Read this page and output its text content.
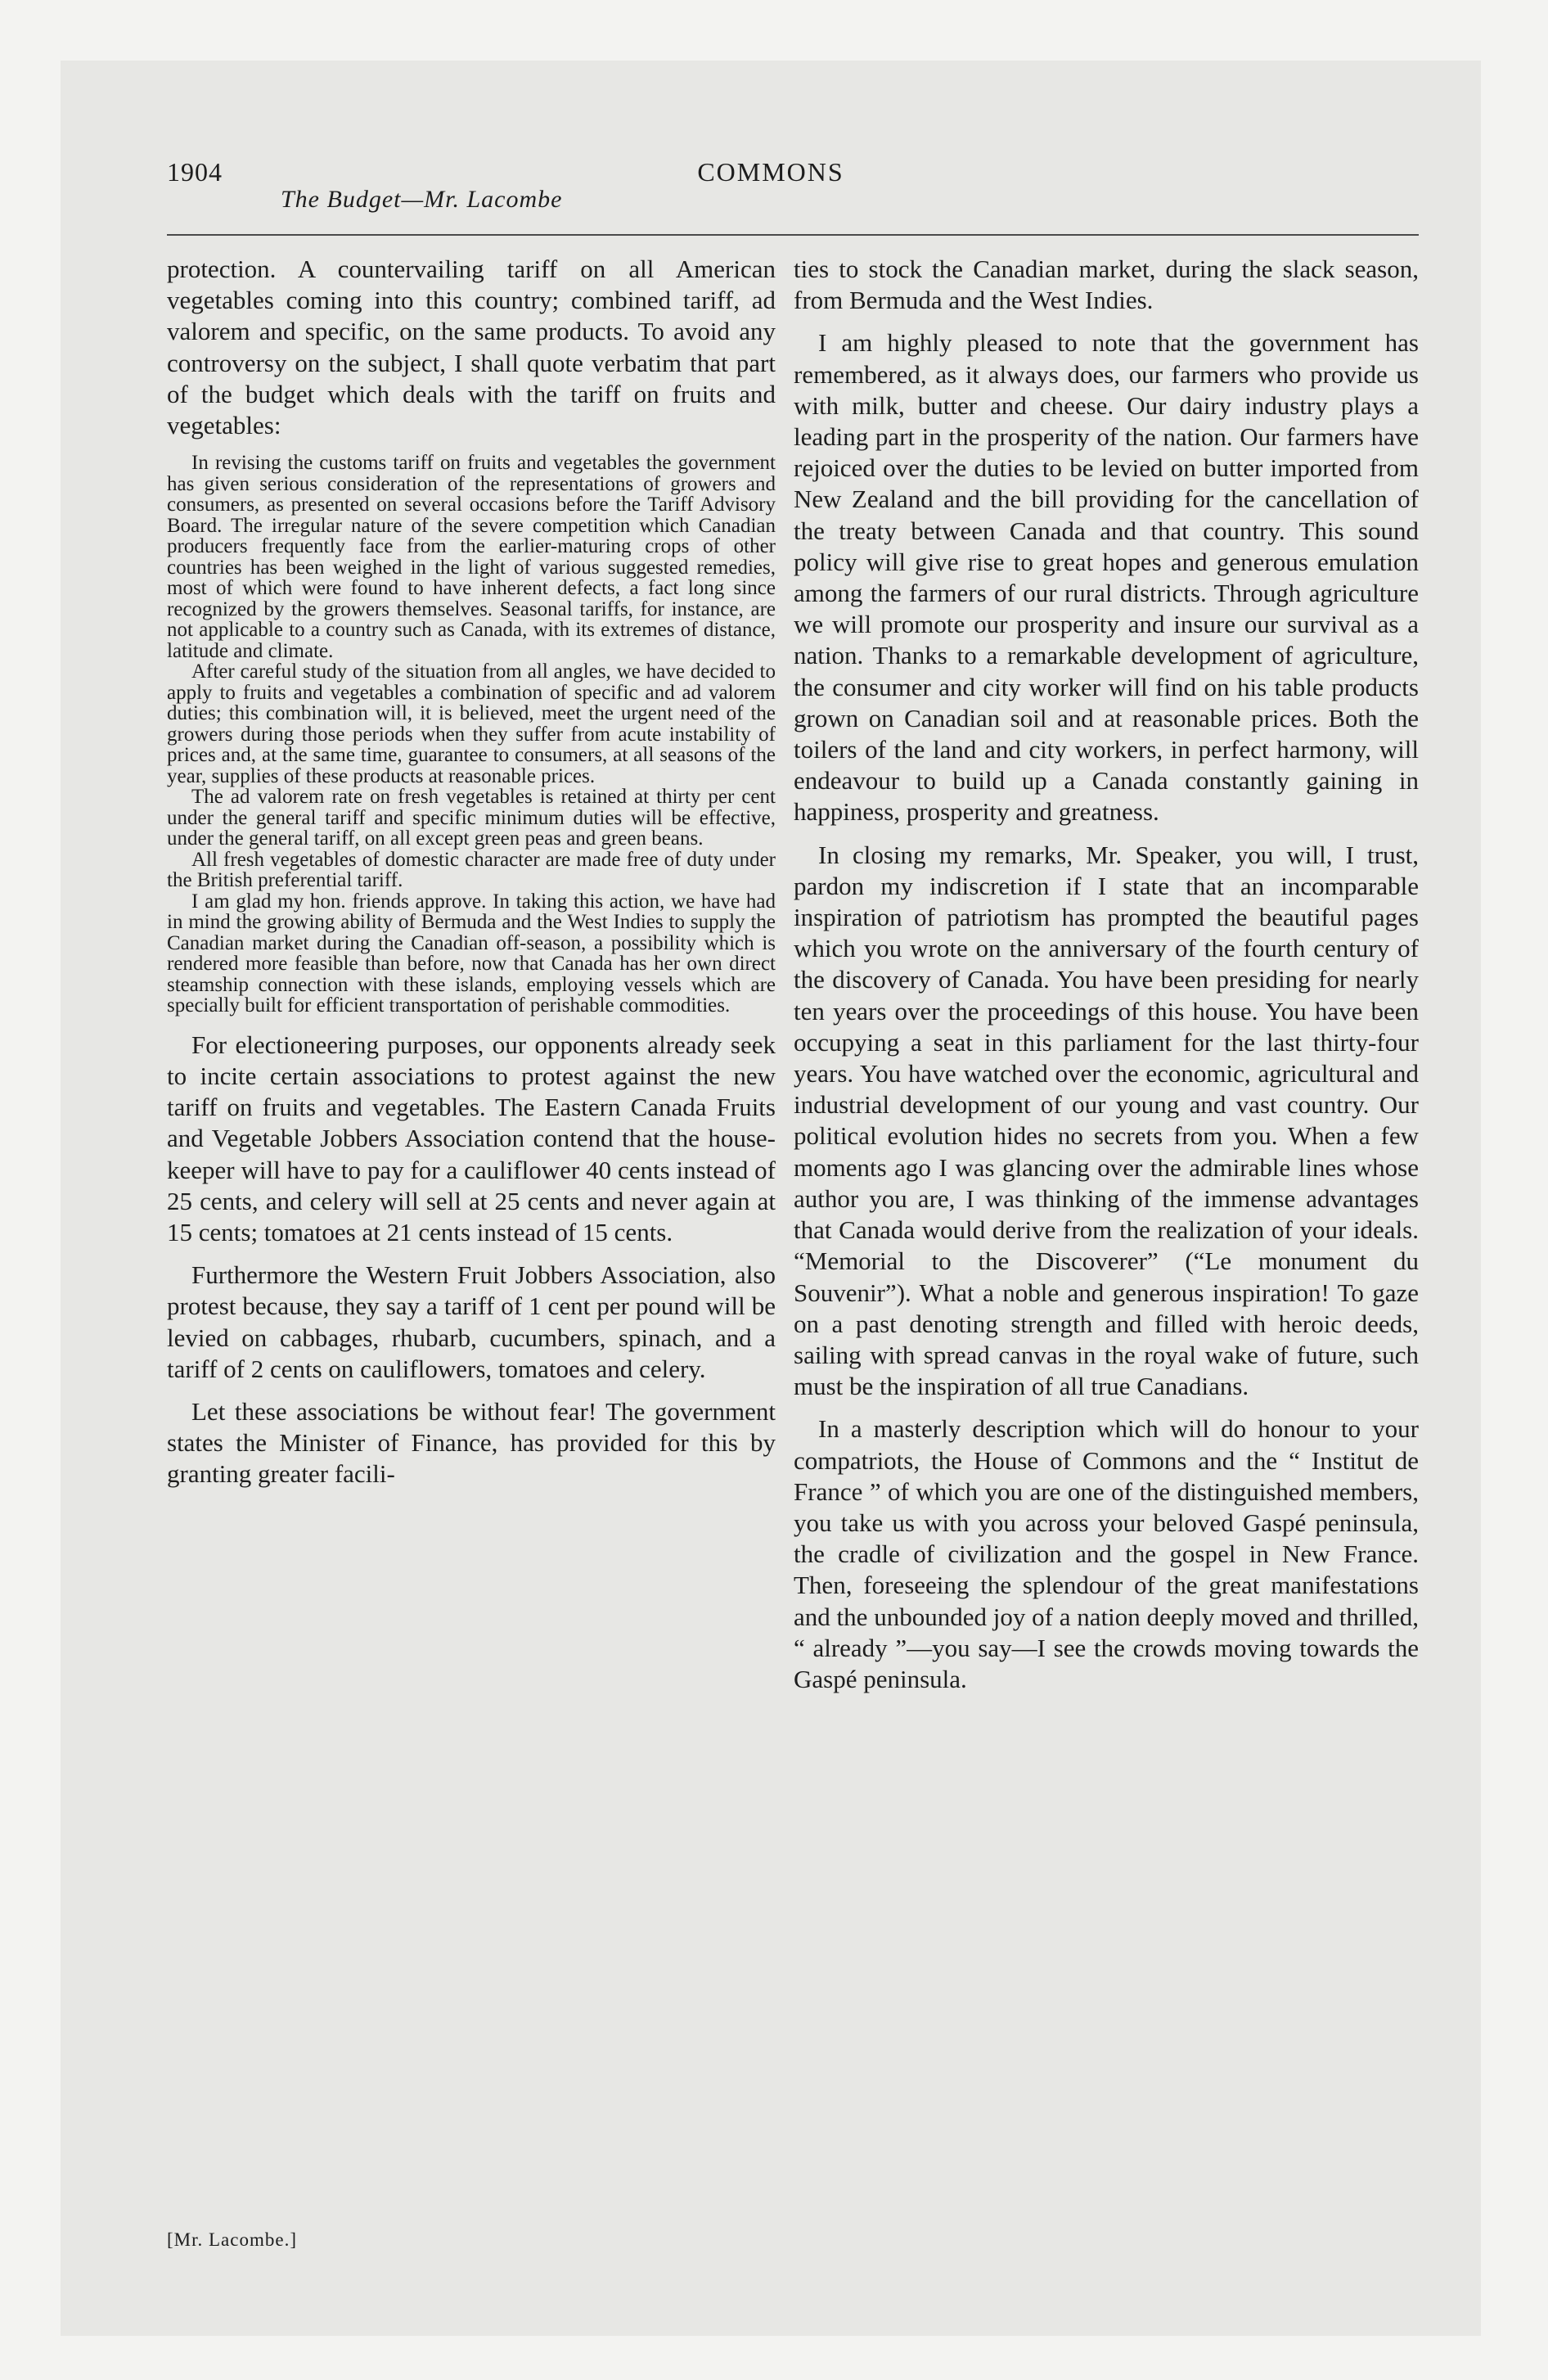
1904	COMMONS
The Budget—Mr. Lacombe

protection. A countervailing tariff on all American vegetables coming into this country; combined tariff, ad valorem and specific, on the same products. To avoid any controversy on the subject, I shall quote verbatim that part of the budget which deals with the tariff on fruits and vegetables:

In revising the customs tariff on fruits and vegetables the government has given serious consideration of the representations of growers and consumers, as presented on several occasions before the Tariff Advisory Board. The irregular nature of the severe competition which Canadian producers frequently face from the earlier-maturing crops of other countries has been weighed in the light of various suggested remedies, most of which were found to have inherent defects, a fact long since recognized by the growers themselves. Seasonal tariffs, for instance, are not applicable to a country such as Canada, with its extremes of distance, latitude and climate.

After careful study of the situation from all angles, we have decided to apply to fruits and vegetables a combination of specific and ad valorem duties; this combination will, it is believed, meet the urgent need of the growers during those periods when they suffer from acute instability of prices and, at the same time, guarantee to consumers, at all seasons of the year, supplies of these products at reasonable prices.

The ad valorem rate on fresh vegetables is retained at thirty per cent under the general tariff and specific minimum duties will be effective, under the general tariff, on all except green peas and green beans.

All fresh vegetables of domestic character are made free of duty under the British preferential tariff.

I am glad my hon. friends approve. In taking this action, we have had in mind the growing ability of Bermuda and the West Indies to supply the Canadian market during the Canadian off-season, a possibility which is rendered more feasible than before, now that Canada has her own direct steamship connection with these islands, employing vessels which are specially built for efficient transportation of perishable commodities.

For electioneering purposes, our opponents already seek to incite certain associations to protest against the new tariff on fruits and vegetables. The Eastern Canada Fruits and Vegetable Jobbers Association contend that the house-keeper will have to pay for a cauliflower 40 cents instead of 25 cents, and celery will sell at 25 cents and never again at 15 cents; tomatoes at 21 cents instead of 15 cents.

Furthermore the Western Fruit Jobbers Association, also protest because, they say a tariff of 1 cent per pound will be levied on cabbages, rhubarb, cucumbers, spinach, and a tariff of 2 cents on cauliflowers, tomatoes and celery.

Let these associations be without fear! The government states the Minister of Finance, has provided for this by granting greater facili-

ties to stock the Canadian market, during the slack season, from Bermuda and the West Indies.

I am highly pleased to note that the government has remembered, as it always does, our farmers who provide us with milk, butter and cheese. Our dairy industry plays a leading part in the prosperity of the nation. Our farmers have rejoiced over the duties to be levied on butter imported from New Zealand and the bill providing for the cancellation of the treaty between Canada and that country. This sound policy will give rise to great hopes and generous emulation among the farmers of our rural districts. Through agriculture we will promote our prosperity and insure our survival as a nation. Thanks to a remarkable development of agriculture, the consumer and city worker will find on his table products grown on Canadian soil and at reasonable prices. Both the toilers of the land and city workers, in perfect harmony, will endeavour to build up a Canada constantly gaining in happiness, prosperity and greatness.

In closing my remarks, Mr. Speaker, you will, I trust, pardon my indiscretion if I state that an incomparable inspiration of patriotism has prompted the beautiful pages which you wrote on the anniversary of the fourth century of the discovery of Canada. You have been presiding for nearly ten years over the proceedings of this house. You have been occupying a seat in this parliament for the last thirty-four years. You have watched over the economic, agricultural and industrial development of our young and vast country. Our political evolution hides no secrets from you. When a few moments ago I was glancing over the admirable lines whose author you are, I was thinking of the immense advantages that Canada would derive from the realization of your ideals. “Memorial to the Discoverer” (“Le monument du Souvenir”). What a noble and generous inspiration! To gaze on a past denoting strength and filled with heroic deeds, sailing with spread canvas in the royal wake of future, such must be the inspiration of all true Canadians.

In a masterly description which will do honour to your compatriots, the House of Commons and the “ Institut de France ” of which you are one of the distinguished members, you take us with you across your beloved Gaspé peninsula, the cradle of civilization and the gospel in New France. Then, foreseeing the splendour of the great manifestations and the unbounded joy of a nation deeply moved and thrilled, “ already ”—you say—I see the crowds moving towards the Gaspé peninsula.

[Mr. Lacombe.]
